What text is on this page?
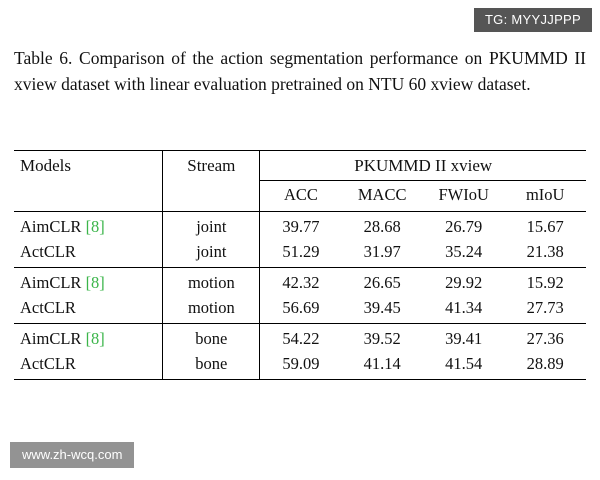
TG: MYYJJPPP
Table 6. Comparison of the action segmentation performance on PKUMMD II xview dataset with linear evaluation pretrained on NTU 60 xview dataset.

Models	Stream	PKUMMD II xview			

		ACC	MACC	FWIoU	mIoU

AimCLR [8]	joint	39.77	28.68	26.79	15.67
ActCLR	joint	51.29	31.97	35.24	21.38

AimCLR [8]	motion	42.32	26.65	29.92	15.92
ActCLR	motion	56.69	39.45	41.34	27.73

AimCLR [8]	bone	54.22	39.52	39.41	27.36
ActCLR	bone	59.09	41.14	41.54	28.89

www.zh-wcq.com
